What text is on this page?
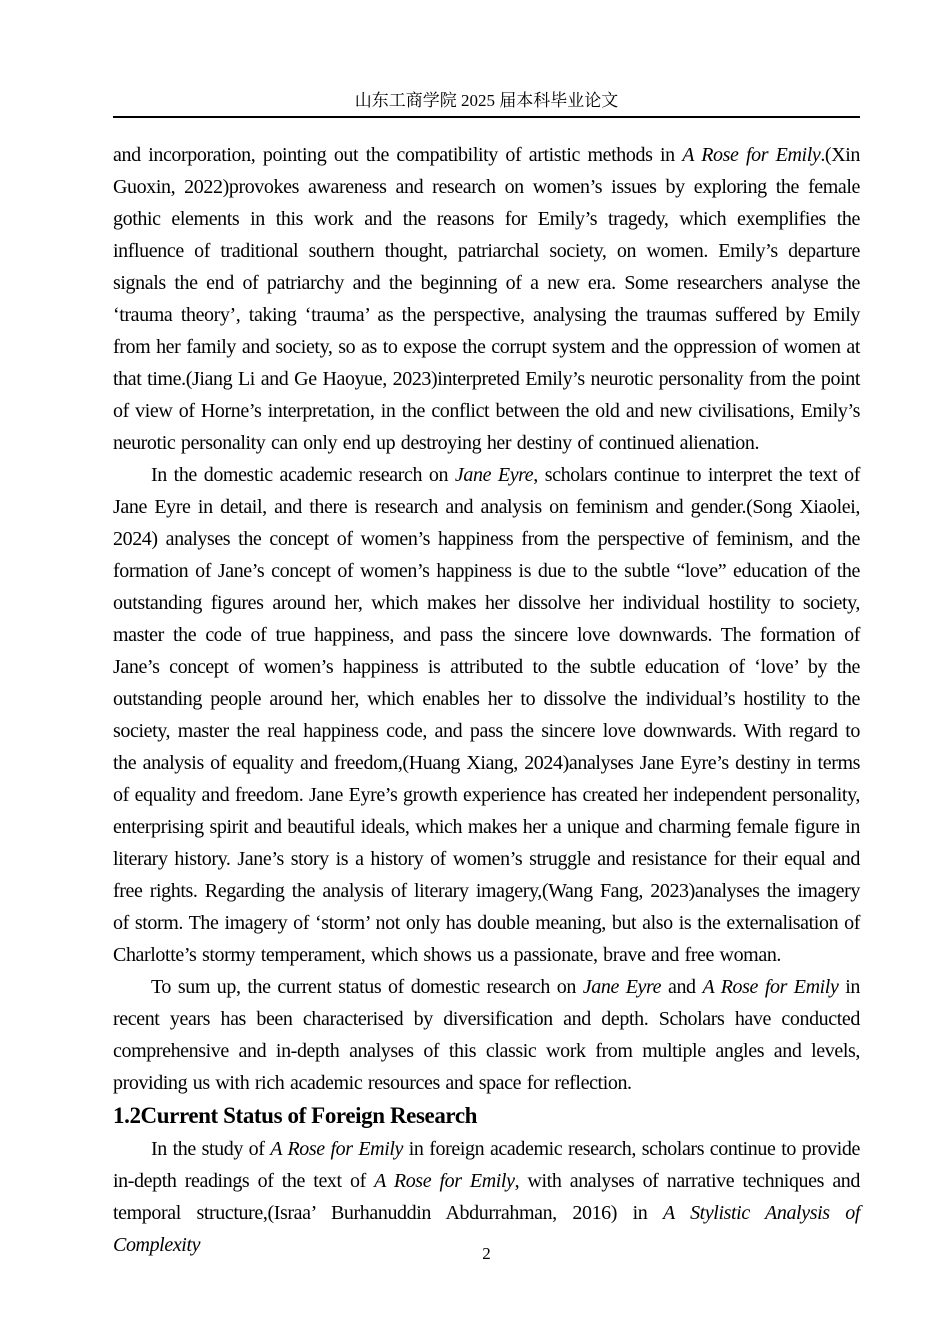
山东工商学院 2025 届本科毕业论文

and incorporation, pointing out the compatibility of artistic methods in A Rose for Emily.(Xin Guoxin, 2022)provokes awareness and research on women’s issues by exploring the female gothic elements in this work and the reasons for Emily’s tragedy, which exemplifies the influence of traditional southern thought, patriarchal society, on women. Emily’s departure signals the end of patriarchy and the beginning of a new era. Some researchers analyse the ‘trauma theory’, taking ‘trauma’ as the perspective, analysing the traumas suffered by Emily from her family and society, so as to expose the corrupt system and the oppression of women at that time.(Jiang Li and Ge Haoyue, 2023)interpreted Emily’s neurotic personality from the point of view of Horne’s interpretation, in the conflict between the old and new civilisations, Emily’s neurotic personality can only end up destroying her destiny of continued alienation.

In the domestic academic research on Jane Eyre, scholars continue to interpret the text of Jane Eyre in detail, and there is research and analysis on feminism and gender.(Song Xiaolei, 2024) analyses the concept of women’s happiness from the perspective of feminism, and the formation of Jane’s concept of women’s happiness is due to the subtle “love” education of the outstanding figures around her, which makes her dissolve her individual hostility to society, master the code of true happiness, and pass the sincere love downwards. The formation of Jane’s concept of women’s happiness is attributed to the subtle education of ‘love’ by the outstanding people around her, which enables her to dissolve the individual’s hostility to the society, master the real happiness code, and pass the sincere love downwards. With regard to the analysis of equality and freedom,(Huang Xiang, 2024)analyses Jane Eyre’s destiny in terms of equality and freedom. Jane Eyre’s growth experience has created her independent personality, enterprising spirit and beautiful ideals, which makes her a unique and charming female figure in literary history. Jane’s story is a history of women’s struggle and resistance for their equal and free rights. Regarding the analysis of literary imagery,(Wang Fang, 2023)analyses the imagery of storm. The imagery of ‘storm’ not only has double meaning, but also is the externalisation of Charlotte’s stormy temperament, which shows us a passionate, brave and free woman.

To sum up, the current status of domestic research on Jane Eyre and A Rose for Emily in recent years has been characterised by diversification and depth. Scholars have conducted comprehensive and in-depth analyses of this classic work from multiple angles and levels, providing us with rich academic resources and space for reflection.

1.2Current Status of Foreign Research

In the study of A Rose for Emily in foreign academic research, scholars continue to provide in-depth readings of the text of A Rose for Emily, with analyses of narrative techniques and temporal structure,(Israa’ Burhanuddin Abdurrahman, 2016) in A Stylistic Analysis of Complexity	2
